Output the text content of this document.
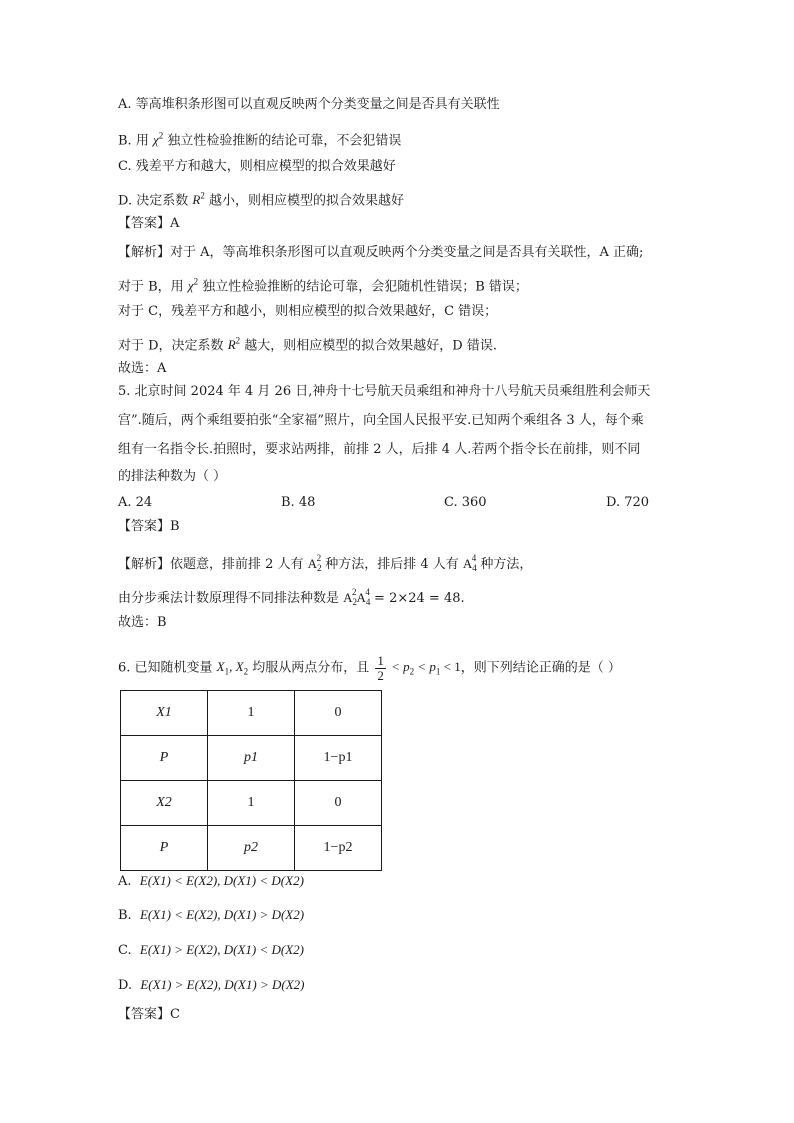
A. 等高堆积条形图可以直观反映两个分类变量之间是否具有关联性
B. 用 $\chi^2$ 独立性检验推断的结论可靠，不会犯错误
C. 残差平方和越大，则相应模型的拟合效果越好
D. 决定系数 $R^2$ 越小，则相应模型的拟合效果越好
【答案】A
【解析】对于 A，等高堆积条形图可以直观反映两个分类变量之间是否具有关联性，A 正确;
对于 B，用 $\chi^2$ 独立性检验推断的结论可靠，会犯随机性错误；B 错误；
对于 C，残差平方和越小，则相应模型的拟合效果越好，C 错误；
对于 D，决定系数 $R^2$ 越大，则相应模型的拟合效果越好，D 错误.
故选：A
5. 北京时间 2024 年 4 月 26 日,神舟十七号航天员乘组和神舟十八号航天员乘组胜利会师天
宫”.随后，两个乘组要拍张“全家福”照片，向全国人民报平安.已知两个乘组各 3 人，每个乘
组有一名指令长.拍照时，要求站两排，前排 2 人，后排 4 人.若两个指令长在前排，则不同
的排法种数为（ ）
A. 24	B. 48	C. 360	D. 720
【答案】B
【解析】依题意，排前排 2 人有 $A_2^2$ 种方法，排后排 4 人有 $A_4^4$ 种方法，
由分步乘法计数原理得不同排法种数是 $A_2^2A_4^4 = 2\times 24 = 48$.
故选：B
6. 已知随机变量 $X_1$, $X_2$ 均服从两点分布，且 $\frac{1}{2} < p_2 < p_1 < 1$，则下列结论正确的是（ ）
X1	1	0
P	p1	1−p1
X2	1	0
P	p2	1−p2
A. E(X1) < E(X2), D(X1) < D(X2)
B. E(X1) < E(X2), D(X1) > D(X2)
C. E(X1) > E(X2), D(X1) < D(X2)
D. E(X1) > E(X2), D(X1) > D(X2)
【答案】C
